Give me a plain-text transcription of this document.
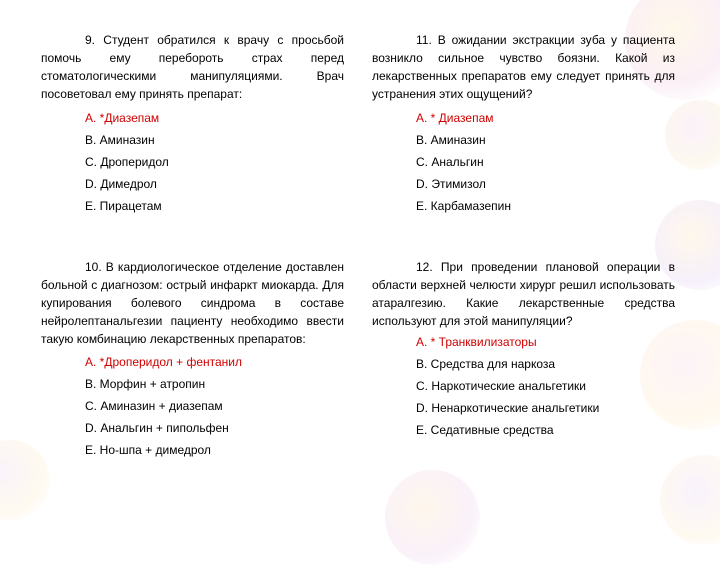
9. Студент обратился к врачу с просьбой помочь ему перебороть страх перед стоматологическими манипуляциями. Врач посоветовал ему принять препарат:

А. *Диазепам

В. Аминазин

С. Дроперидол

D. Димедрол

Е. Пирацетам

10. В кардиологическое отделение доставлен больной с диагнозом: острый инфаркт миокарда. Для купирования болевого синдрома в составе нейролептанальгезии пациенту необходимо ввести такую комбинацию лекарственных препаратов:

А. *Дроперидол + фентанил

В. Морфин + атропин

С. Аминазин + диазепам

D. Анальгин + пипольфен

Е. Но-шпа + димедрол

11. В ожидании экстракции зуба у пациента возникло сильное чувство боязни. Какой из лекарственных препаратов ему следует принять для устранения этих ощущений?

А. * Диазепам

В. Аминазин

С. Анальгин

D. Этимизол

Е. Карбамазепин

12. При проведении плановой операции в области верхней челюсти хирург решил использовать атаралгезию. Какие лекарственные средства используют для этой манипуляции?

А. * Транквилизаторы

В. Средства для наркоза

С. Наркотические анальгетики

D. Ненаркотические анальгетики

Е. Седативные средства
